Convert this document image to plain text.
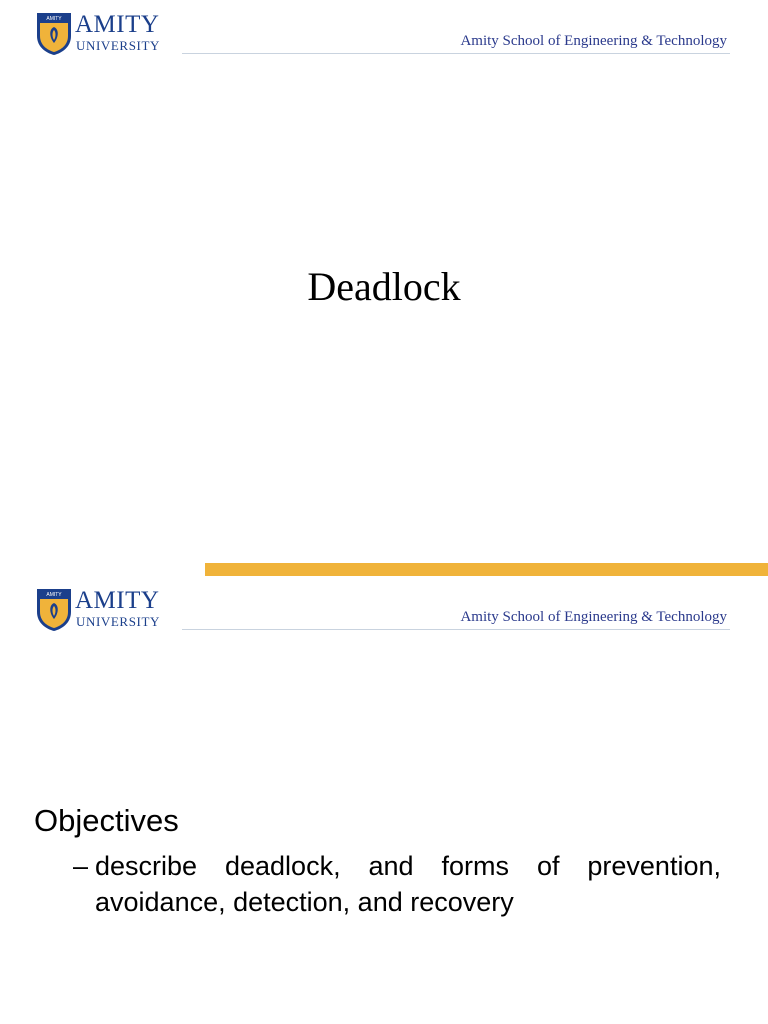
AMITY AMITY
UNIVERSITY	Amity School of Engineering & Technology
Deadlock
AMITY AMITY
UNIVERSITY	Amity School of Engineering & Technology
Objectives
– describe deadlock, and forms of prevention, avoidance, detection, and recovery
